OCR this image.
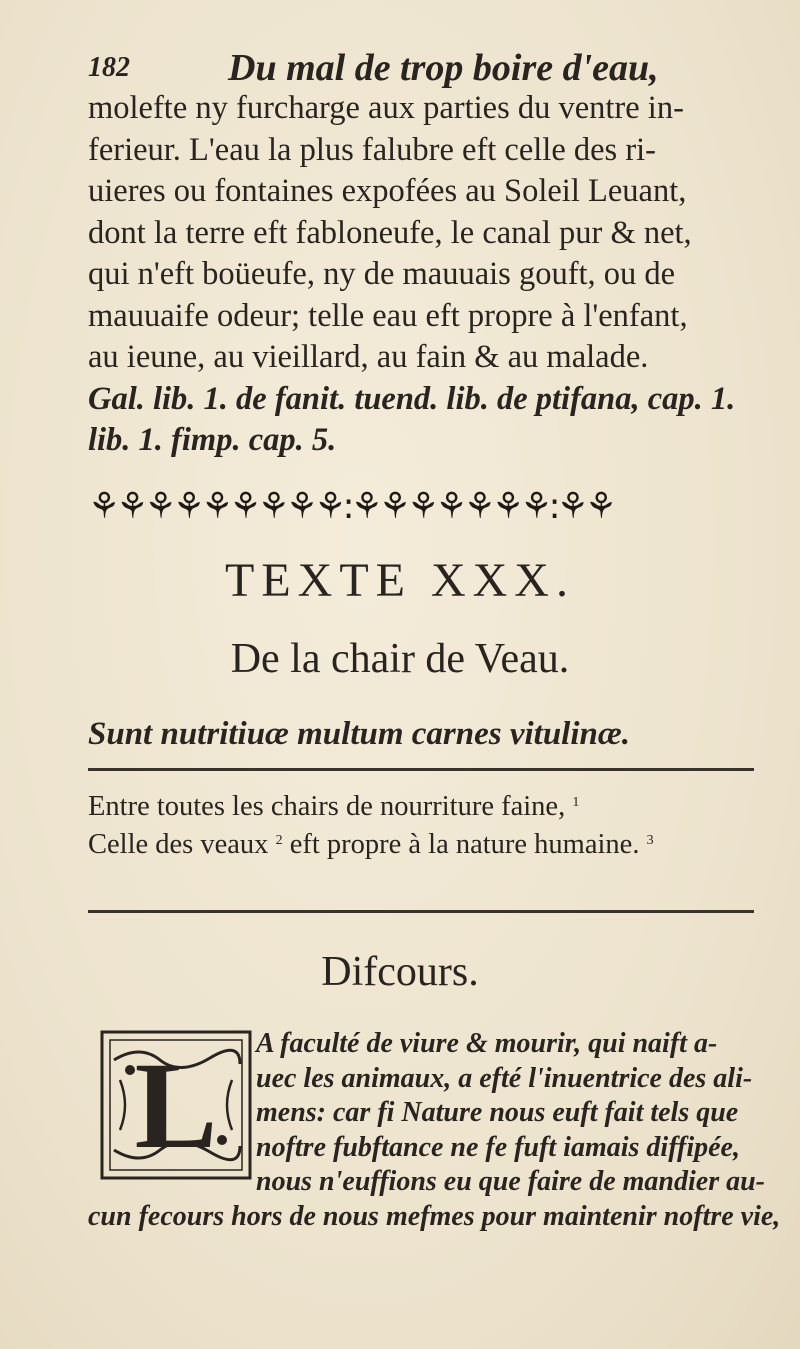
182	Du mal de trop boire d'eau,
molefte ny furcharge aux parties du ventre in-
ferieur. L'eau la plus falubre eft celle des ri-
uieres ou fontaines expofées au Soleil Leuant,
dont la terre eft fabloneufe, le canal pur & net,
qui n'eft boüeufe, ny de mauuais gouft, ou de
mauuaife odeur; telle eau eft propre à l'enfant,
au ieune, au vieillard, au fain & au malade.
Gal. lib. 1. de fanit. tuend. lib. de ptifana, cap. 1.
lib. 1. fimp. cap. 5.
⚘⚘⚘⚘⚘⚘⚘⚘⚘:⚘⚘⚘⚘⚘⚘⚘:⚘⚘
TEXTE XXX.
De la chair de Veau.
Sunt nutritiuæ multum carnes vitulinæ.
Entre toutes les chairs de nourriture faine, $^1$
Celle des veaux $^2$ eft propre à la nature humaine. $^3$
Difcours.
L	A faculté de viure & mourir, qui naift a-
uec les animaux, a efté l'inuentrice des ali-
mens: car fi Nature nous euft fait tels que
noftre fubftance ne fe fuft iamais diffipée,
nous n'euffions eu que faire de mandier au-
cun fecours hors de nous mefmes pour maintenir noftre vie,
